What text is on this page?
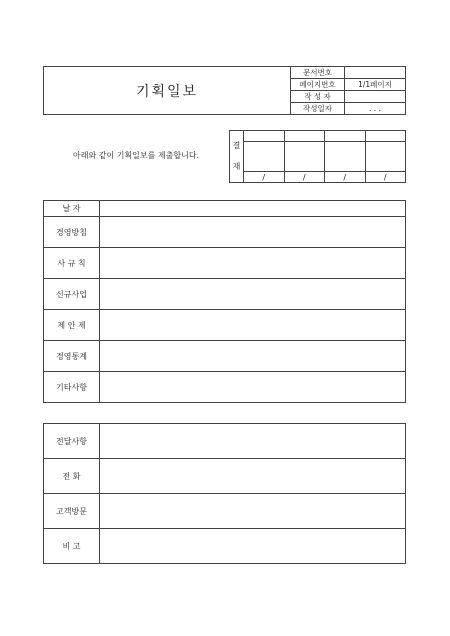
기획일보	문서번호	
	페이지번호	1/1페이지
	작 성 자	
	작성일자	. . .
아래와 같이 기획일보를 제출합니다.
결
재				

	/	/	/	/
날 자	
경영방침	
사 규 칙	
신규사업	
제 안 제	
경영통계	
기타사항	
전달사항	
전 화	
고객방문	
비 고	
